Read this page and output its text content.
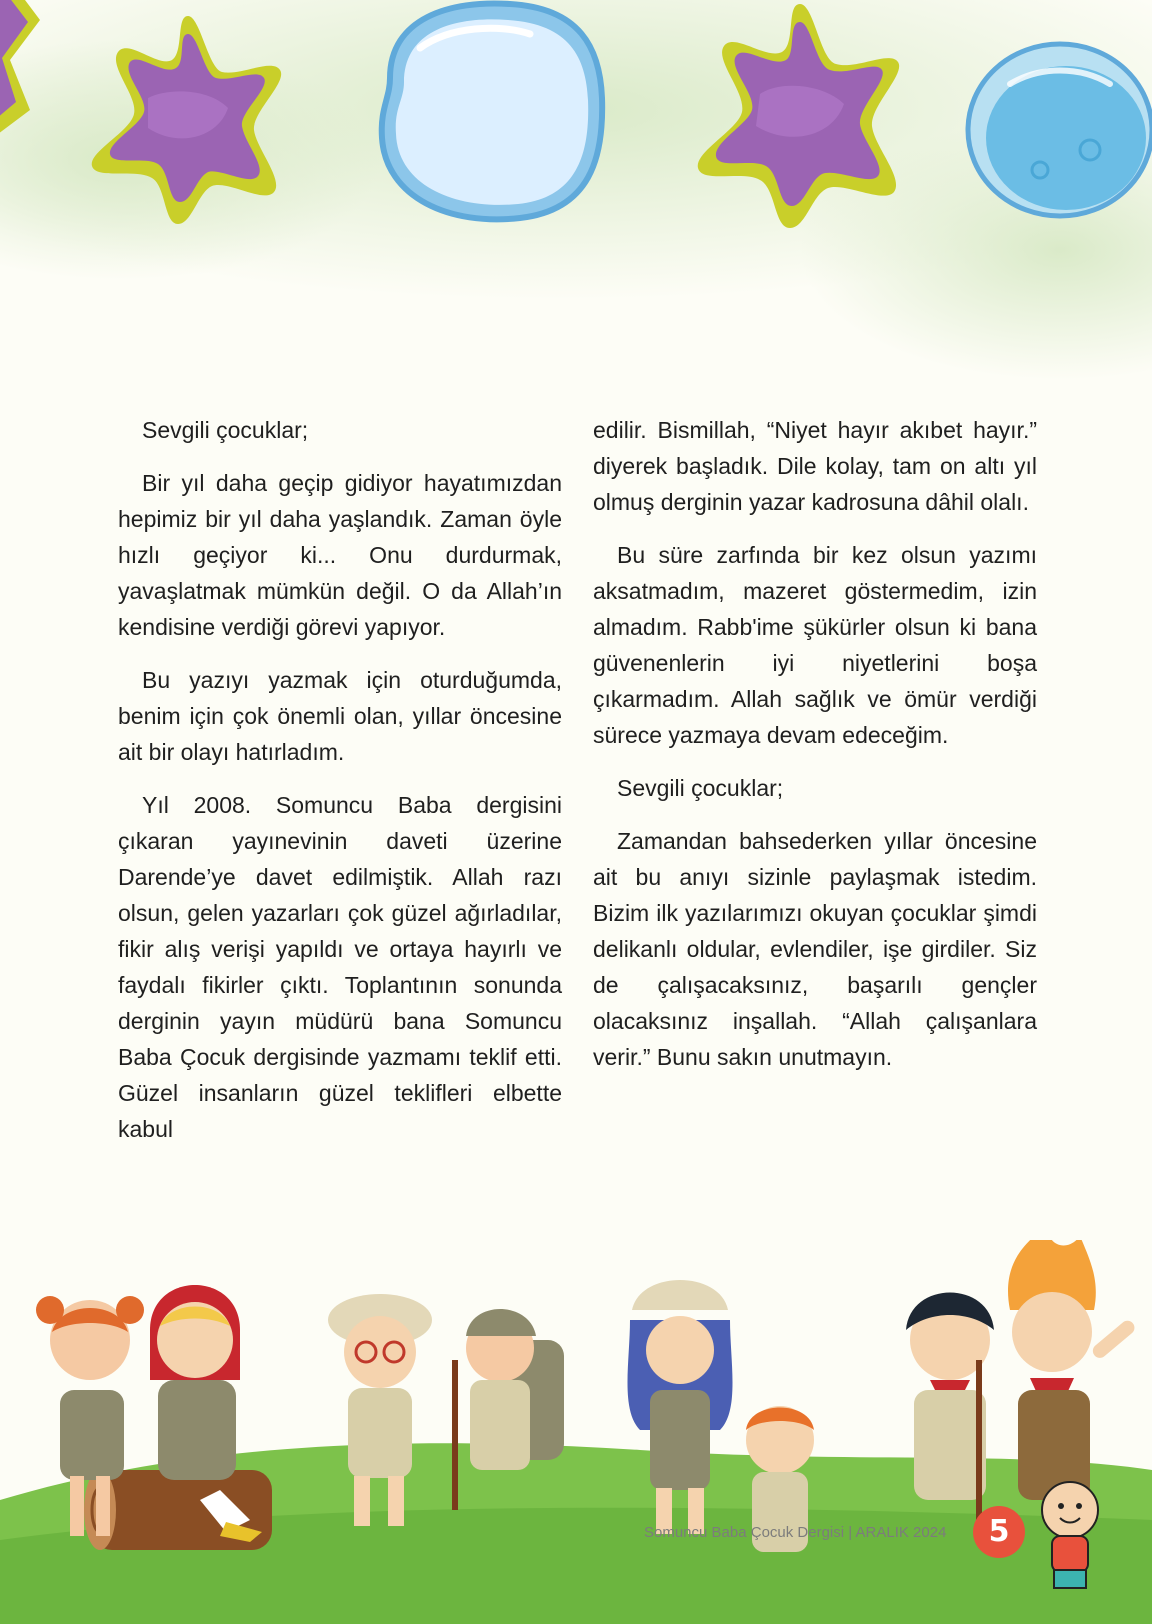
Sevgili çocuklar;

Bir yıl daha geçip gidiyor hayatımızdan hepimiz bir yıl daha yaşlandık. Zaman öyle hızlı geçiyor ki... Onu durdurmak, yavaşlatmak mümkün değil. O da Allah’ın kendisine verdiği görevi yapıyor.

Bu yazıyı yazmak için oturduğumda, benim için çok önemli olan, yıllar öncesine ait bir olayı hatırladım.

Yıl 2008. Somuncu Baba dergisini çıkaran yayınevinin daveti üzerine Darende’ye davet edilmiştik. Allah razı olsun, gelen yazarları çok güzel ağırladılar, fikir alış verişi yapıldı ve ortaya hayırlı ve faydalı fikirler çıktı. Toplantının sonunda derginin yayın müdürü bana Somuncu Baba Çocuk dergisinde yazmamı teklif etti. Güzel insanların güzel teklifleri elbette kabul

edilir. Bismillah, “Niyet hayır akıbet hayır.” diyerek başladık. Dile kolay, tam on altı yıl olmuş derginin yazar kadrosuna dâhil olalı.

Bu süre zarfında bir kez olsun yazımı aksatmadım, mazeret göstermedim, izin almadım. Rabb'ime şükürler olsun ki bana güvenenlerin iyi niyetlerini boşa çıkarmadım. Allah sağlık ve ömür verdiği sürece yazmaya devam edeceğim.

Sevgili çocuklar;

Zamandan bahsederken yıllar öncesine ait bu anıyı sizinle paylaşmak istedim. Bizim ilk yazılarımızı okuyan çocuklar şimdi delikanlı oldular, evlendiler, işe girdiler. Siz de çalışacaksınız, başarılı gençler olacaksınız inşallah. “Allah çalışanlara verir.” Bunu sakın unutmayın.

Somuncu Baba Çocuk Dergisi | ARALIK 2024	5
